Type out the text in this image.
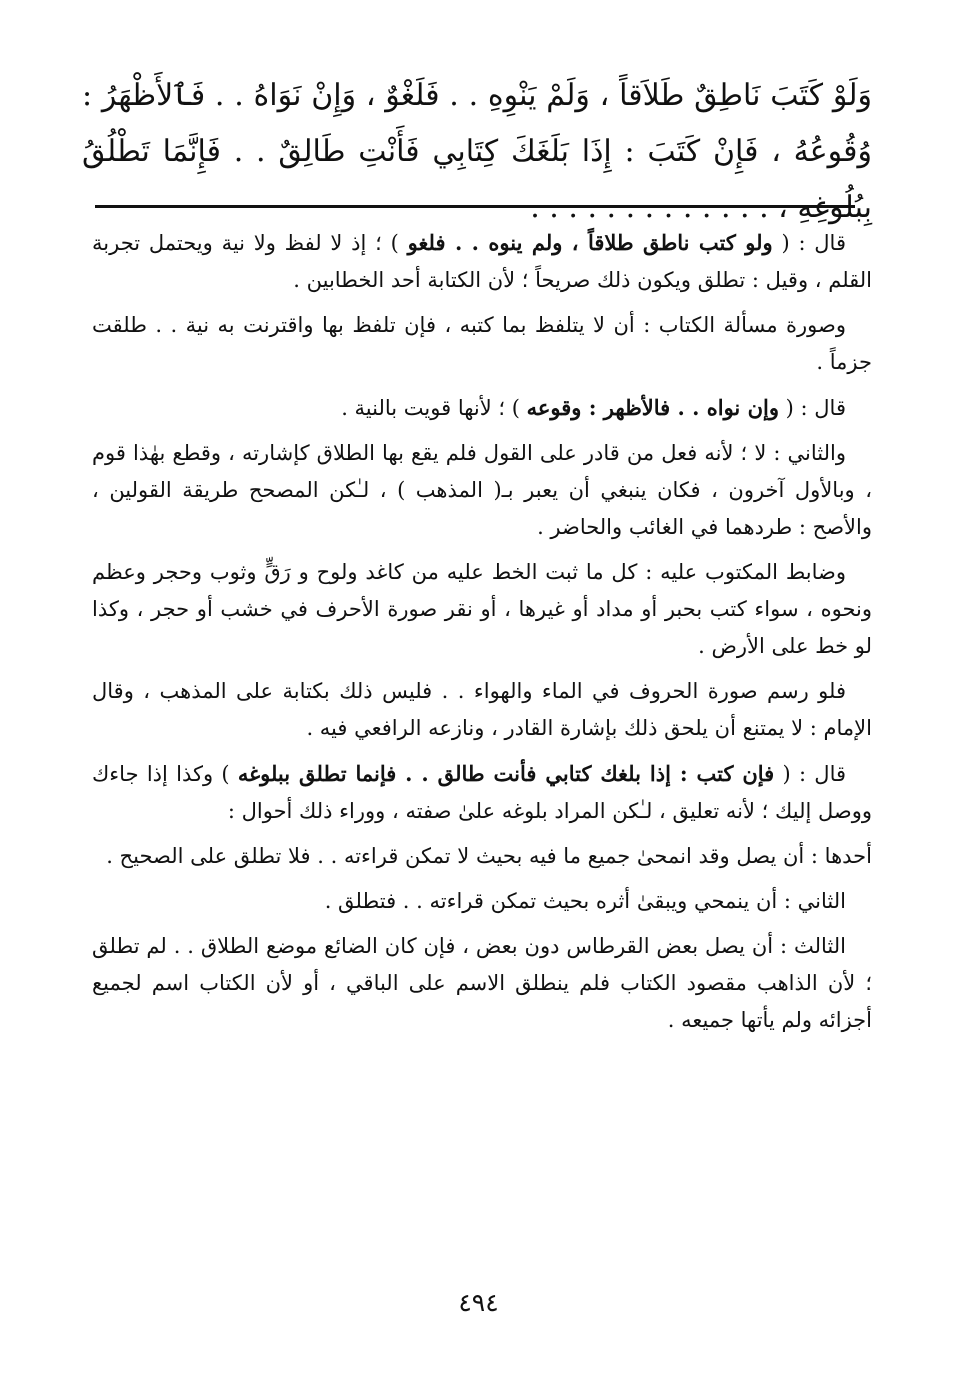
وَلَوْ كَتَبَ نَاطِقٌ طَلاَقاً ، وَلَمْ يَنْوِهِ . . فَلَغْوٌ ، وَإِنْ نَوَاهُ . . فَٱلأَظْهَرُ : وُقُوعُهُ ، فَإِنْ كَتَبَ : إِذَا بَلَغَكَ كِتَابِي فَأَنْتِ طَالِقٌ . . فَإِنَّمَا تَطْلُقُ بِبُلُوغِهِ ، . . . . . . . . . . . . .

قال : ( ولو كتب ناطق طلاقاً ، ولم ينوه . . فلغو ) ؛ إذ لا لفظ ولا نية ويحتمل تجربة القلم ، وقيل : تطلق ويكون ذلك صريحاً ؛ لأن الكتابة أحد الخطابين .

وصورة مسألة الكتاب : أن لا يتلفظ بما كتبه ، فإن تلفظ بها واقترنت به نية . . طلقت جزماً .

قال : ( وإن نواه . . فالأظهر : وقوعه ) ؛ لأنها قويت بالنية .

والثاني : لا ؛ لأنه فعل من قادر على القول فلم يقع بها الطلاق كإشارته ، وقطع بهٰذا قوم ، وبالأول آخرون ، فكان ينبغي أن يعبر بـ( المذهب ) ، لـٰكن المصحح طريقة القولين ، والأصح : طردهما في الغائب والحاضر .

وضابط المكتوب عليه : كل ما ثبت الخط عليه من كاغد ولوح و رَقٍّ وثوب وحجر وعظم ونحوه ، سواء كتب بحبر أو مداد أو غيرها ، أو نقر صورة الأحرف في خشب أو حجر ، وكذا لو خط على الأرض .

فلو رسم صورة الحروف في الماء والهواء . . فليس ذلك بكتابة على المذهب ، وقال الإمام : لا يمتنع أن يلحق ذلك بإشارة القادر ، ونازعه الرافعي فيه .

قال : ( فإن كتب : إذا بلغك كتابي فأنت طالق . . فإنما تطلق ببلوغه ) وكذا إذا جاءك ووصل إليك ؛ لأنه تعليق ، لـٰكن المراد بلوغه علىٰ صفته ، ووراء ذلك أحوال :

أحدها : أن يصل وقد انمحىٰ جميع ما فيه بحيث لا تمكن قراءته . . فلا تطلق على الصحيح .

الثاني : أن ينمحي ويبقىٰ أثره بحيث تمكن قراءته . . فتطلق .

الثالث : أن يصل بعض القرطاس دون بعض ، فإن كان الضائع موضع الطلاق . . لم تطلق ؛ لأن الذاهب مقصود الكتاب فلم ينطلق الاسم على الباقي ، أو لأن الكتاب اسم لجميع أجزائه ولم يأتها جميعه .

٤٩٤
